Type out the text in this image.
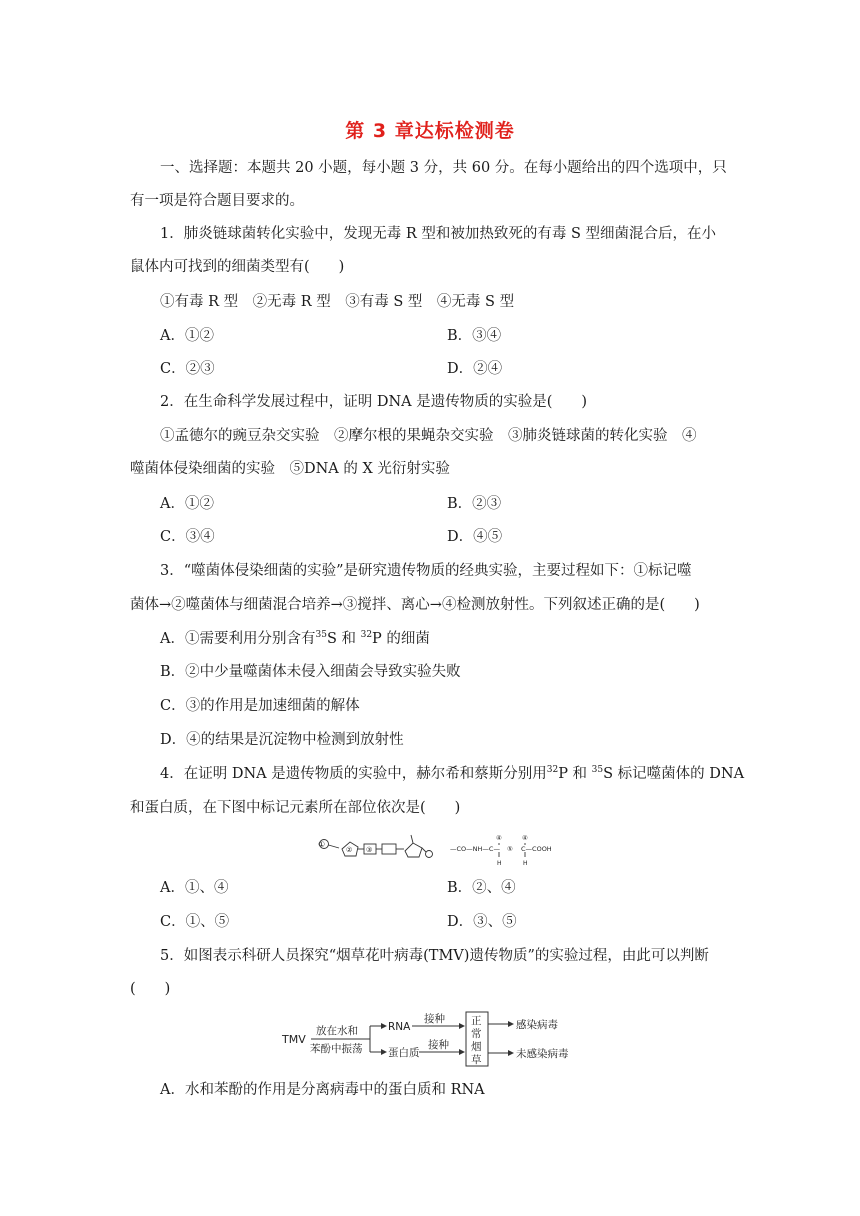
第 3 章达标检测卷
一、选择题：本题共 20 小题，每小题 3 分，共 60 分。在每小题给出的四个选项中，只
有一项是符合题目要求的。
1．肺炎链球菌转化实验中，发现无毒 R 型和被加热致死的有毒 S 型细菌混合后，在小
鼠体内可找到的细菌类型有(　　)
①有毒 R 型　②无毒 R 型　③有毒 S 型　④无毒 S 型
A．①②	B．③④
C．②③	D．②④
2．在生命科学发展过程中，证明 DNA 是遗传物质的实验是(　　)
①孟德尔的豌豆杂交实验　②摩尔根的果蝇杂交实验　③肺炎链球菌的转化实验　④
噬菌体侵染细菌的实验　⑤DNA 的 X 光衍射实验
A．①②	B．②③
C．③④	D．④⑤
3．“噬菌体侵染细菌的实验”是研究遗传物质的经典实验，主要过程如下：①标记噬
菌体→②噬菌体与细菌混合培养→③搅拌、离心→④检测放射性。下列叙述正确的是(　　)
A．①需要利用分别含有$^{35}$S 和 $^{32}$P 的细菌
B．②中少量噬菌体未侵入细菌会导致实验失败
C．③的作用是加速细菌的解体
D．④的结果是沉淀物中检测到放射性
4．在证明 DNA 是遗传物质的实验中，赫尔希和蔡斯分别用$^{32}$P 和 $^{35}$S 标记噬菌体的 DNA
和蛋白质，在下图中标记元素所在部位依次是(　　)
①
② ③	—CO—NH—C— ⑤ C—COOH
④	④
H	H
A．①、④	B．②、④
C．①、⑤	D．③、⑤
5．如图表示科研人员探究“烟草花叶病毒(TMV)遗传物质”的实验过程，由此可以判断
(　　)
TMV
放在水和
苯酚中振荡
RNA
蛋白质
接种
接种
正
常
烟
草
感染病毒
未感染病毒
A．水和苯酚的作用是分离病毒中的蛋白质和 RNA
